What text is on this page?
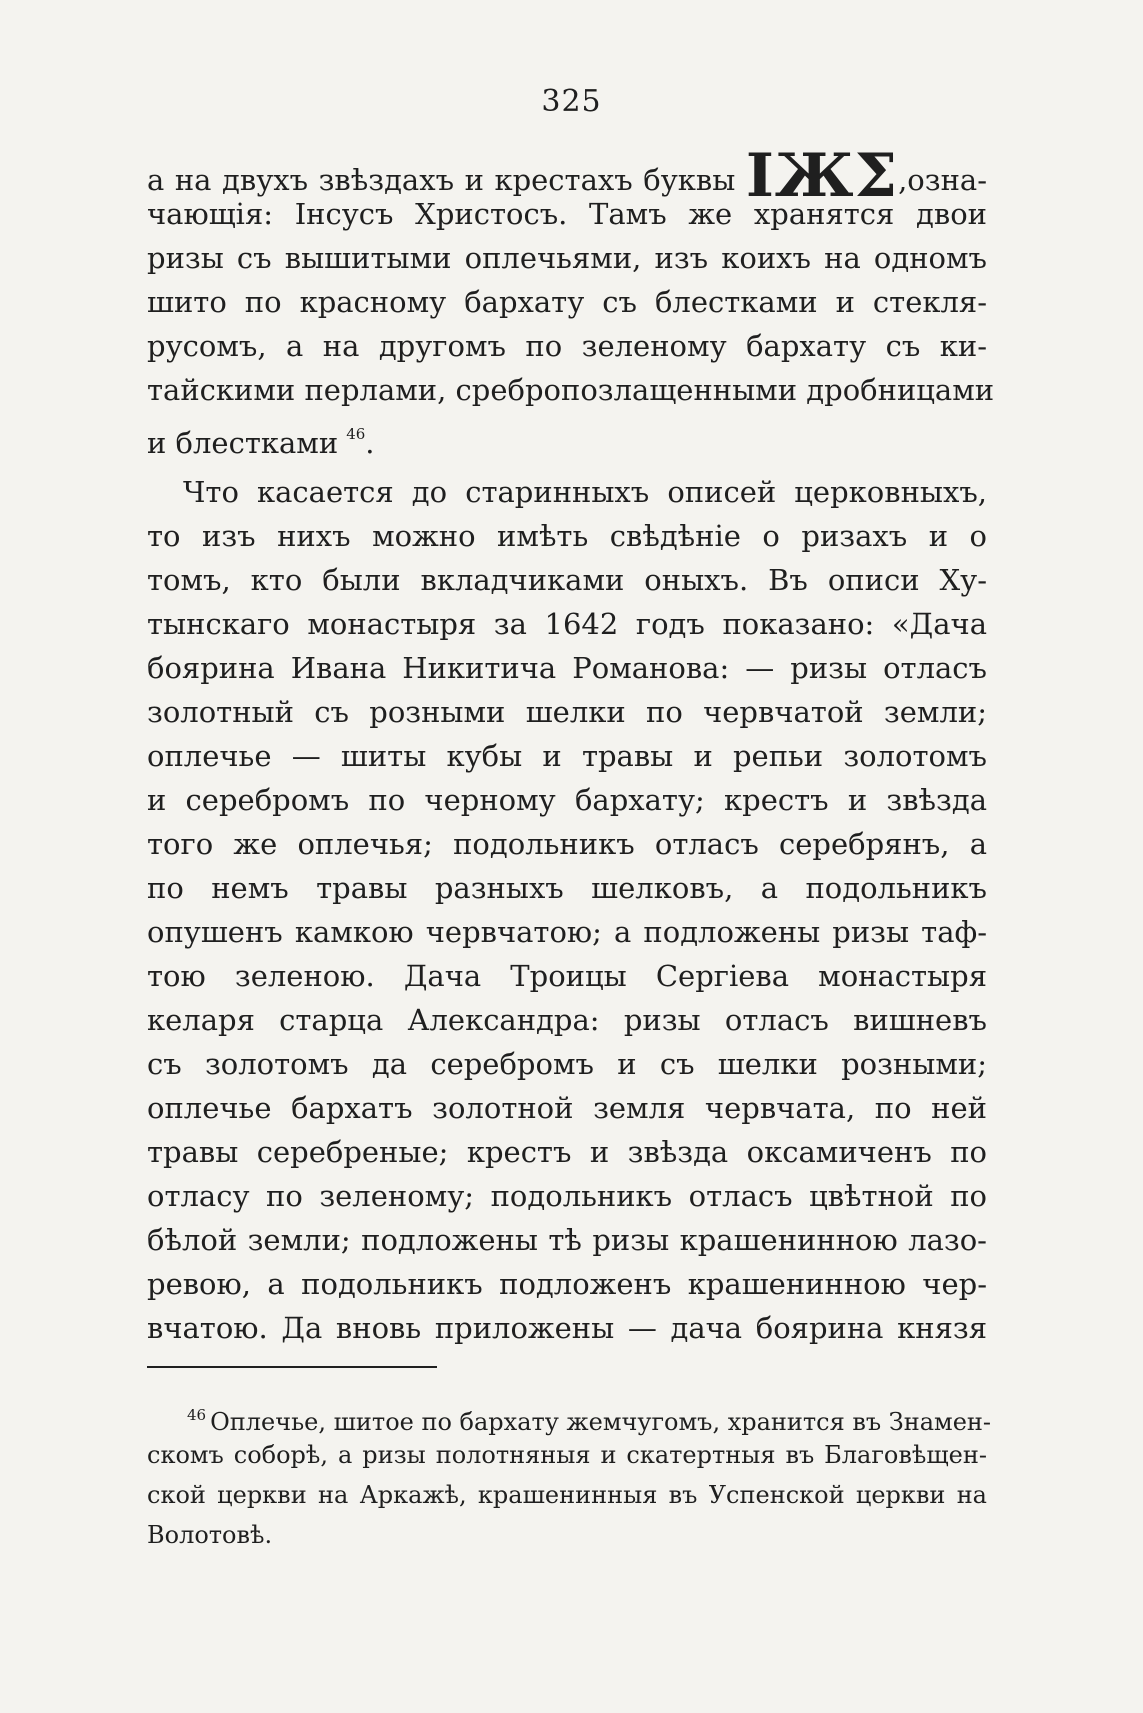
325
а на двухъ звѣздахъ и крестахъ буквы IЖΣ,озна-
чающія: Інсусъ Христосъ. Тамъ же хранятся двои
ризы съ вышитыми оплечьями, изъ коихъ на одномъ
шито по красному бархату съ блестками и стекля-
русомъ, а на другомъ по зеленому бархату съ ки-
тайскими перлами, сребропозлащенными дробницами
и блестками $^{46}$.
Что касается до старинныхъ описей церковныхъ,
то изъ нихъ можно имѣть свѣдѣніе о ризахъ и о
томъ, кто были вкладчиками оныхъ. Въ описи Ху-
тынскаго монастыря за 1642 годъ показано: «Дача
боярина Ивана Никитича Романова: — ризы отласъ
золотный съ розными шелки по червчатой земли;
оплечье — шиты кубы и травы и репьи золотомъ
и серебромъ по черному бархату; крестъ и звѣзда
того же оплечья; подольникъ отласъ серебрянъ, а
по немъ травы разныхъ шелковъ, а подольникъ
опушенъ камкою червчатою; а подложены ризы таф-
тою зеленою. Дача Троицы Сергіева монастыря
келаря старца Александра: ризы отласъ вишневъ
съ золотомъ да серебромъ и съ шелки розными;
оплечье бархатъ золотной земля червчата, по ней
травы серебреные; крестъ и звѣзда оксамиченъ по
отласу по зеленому; подольникъ отласъ цвѣтной по
бѣлой земли; подложены тѣ ризы крашенинною лазо-
ревою, а подольникъ подложенъ крашенинною чер-
вчатою. Да вновь приложены — дача боярина князя
$^{46}$ Оплечье, шитое по бархату жемчугомъ, хранится въ Знамен-
скомъ соборѣ, а ризы полотняныя и скатертныя въ Благовѣщен-
ской церкви на Аркажѣ, крашенинныя въ Успенской церкви на
Волотовѣ.
